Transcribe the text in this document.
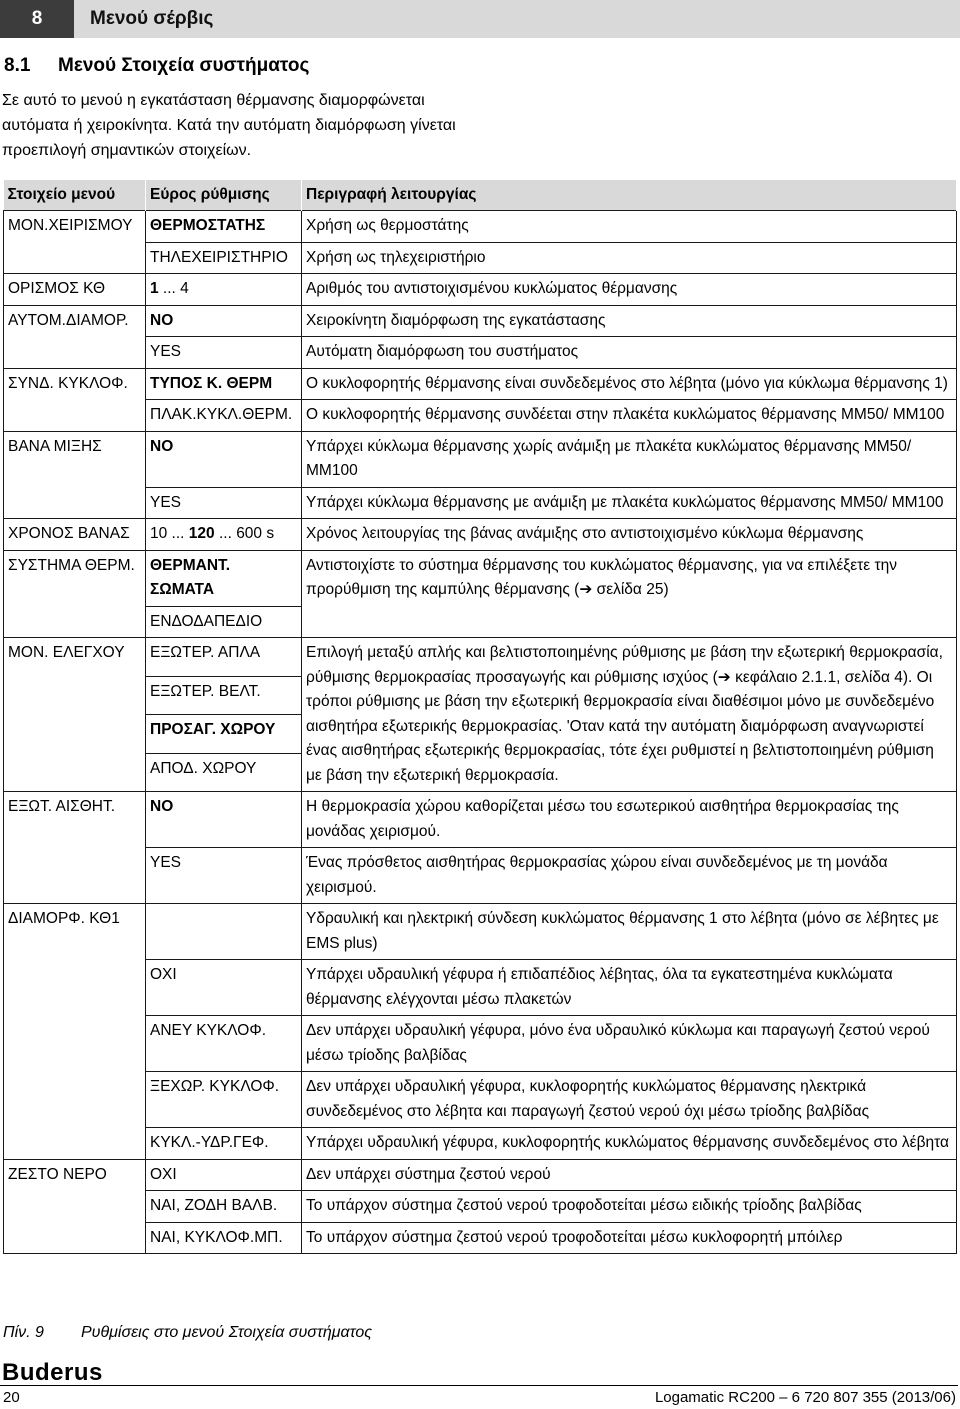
8	Μενού σέρβις
8.1 Μενού Στοιχεία συστήματος
Σε αυτό το μενού η εγκατάσταση θέρμανσης διαμορφώνεται
αυτόματα ή χειροκίνητα. Κατά την αυτόματη διαμόρφωση γίνεται
προεπιλογή σημαντικών στοιχείων.
Στοιχείο μενού	Εύρος ρύθμισης	Περιγραφή λειτουργίας
ΜΟΝ.ΧΕΙΡΙΣΜΟΥ	ΘΕΡΜΟΣΤΑΤΗΣ	Χρήση ως θερμοστάτης
	ΤΗΛΕΧΕΙΡΙΣΤΗΡΙΟ	Χρήση ως τηλεχειριστήριο
ΟΡΙΣΜΟΣ ΚΘ	1 ... 4	Αριθμός του αντιστοιχισμένου κυκλώματος θέρμανσης
ΑΥΤΟΜ.ΔΙΑΜΟΡ.	NO	Χειροκίνητη διαμόρφωση της εγκατάστασης
	YES	Αυτόματη διαμόρφωση του συστήματος
ΣΥΝΔ. ΚΥΚΛΟΦ.	ΤΥΠΟΣ Κ. ΘΕΡΜ	Ο κυκλοφορητής θέρμανσης είναι συνδεδεμένος στο λέβητα (μόνο για κύκλωμα θέρμανσης 1)
	ΠΛΑΚ.ΚΥΚΛ.ΘΕΡΜ.	Ο κυκλοφορητής θέρμανσης συνδέεται στην πλακέτα κυκλώματος θέρμανσης MM50/ MM100
ΒΑΝΑ ΜΙΞΗΣ	NO	Υπάρχει κύκλωμα θέρμανσης χωρίς ανάμιξη με πλακέτα κυκλώματος θέρμανσης MM50/ MM100
	YES	Υπάρχει κύκλωμα θέρμανσης με ανάμιξη με πλακέτα κυκλώματος θέρμανσης MM50/ MM100
ΧΡΟΝΟΣ ΒΑΝΑΣ	10 ... 120 ... 600 s	Χρόνος λειτουργίας της βάνας ανάμιξης στο αντιστοιχισμένο κύκλωμα θέρμανσης
ΣΥΣΤΗΜΑ ΘΕΡΜ.	ΘΕΡΜΑΝΤ. ΣΩΜΑΤΑ	Αντιστοιχίστε το σύστημα θέρμανσης του κυκλώματος θέρμανσης, για να επιλέξετε την προρύθμιση της καμπύλης θέρμανσης (➔ σελίδα 25)
	ΕΝΔΟΔΑΠΕΔΙΟ	
ΜΟΝ. ΕΛΕΓΧΟΥ	ΕΞΩΤΕΡ. ΑΠΛΑ	Επιλογή μεταξύ απλής και βελτιστοποιημένης ρύθμισης με βάση την εξωτερική θερμοκρασία, ρύθμισης θερμοκρασίας προσαγωγής και ρύθμισης ισχύος (➔ κεφάλαιο 2.1.1, σελίδα 4). Οι τρόποι ρύθμισης με βάση την εξωτερική θερμοκρασία είναι διαθέσιμοι μόνο με συνδεδεμένο αισθητήρα εξωτερικής θερμοκρασίας. 'Οταν κατά την αυτόματη διαμόρφωση αναγνωριστεί ένας αισθητήρας εξωτερικής θερμοκρασίας, τότε έχει ρυθμιστεί η βελτιστοποιημένη ρύθμιση με βάση την εξωτερική θερμοκρασία.
	ΕΞΩΤΕΡ. ΒΕΛΤ.	
	ΠΡΟΣΑΓ. ΧΩΡΟΥ	
	ΑΠΟΔ. ΧΩΡΟΥ	
ΕΞΩΤ. ΑΙΣΘΗΤ.	NO	Η θερμοκρασία χώρου καθορίζεται μέσω του εσωτερικού αισθητήρα θερμοκρασίας της μονάδας χειρισμού.
	YES	Ένας πρόσθετος αισθητήρας θερμοκρασίας χώρου είναι συνδεδεμένος με τη μονάδα χειρισμού.
ΔΙΑΜΟΡΦ. ΚΘ1		Υδραυλική και ηλεκτρική σύνδεση κυκλώματος θέρμανσης 1 στο λέβητα (μόνο σε λέβητες με EMS plus)
	ΟΧΙ	Υπάρχει υδραυλική γέφυρα ή επιδαπέδιος λέβητας, όλα τα εγκατεστημένα κυκλώματα θέρμανσης ελέγχονται μέσω πλακετών
	ΑΝΕΥ ΚΥΚΛΟΦ.	Δεν υπάρχει υδραυλική γέφυρα, μόνο ένα υδραυλικό κύκλωμα και παραγωγή ζεστού νερού μέσω τρίοδης βαλβίδας
	ΞΕΧΩΡ. ΚΥΚΛΟΦ.	Δεν υπάρχει υδραυλική γέφυρα, κυκλοφορητής κυκλώματος θέρμανσης ηλεκτρικά συνδεδεμένος στο λέβητα και παραγωγή ζεστού νερού όχι μέσω τρίοδης βαλβίδας
	ΚΥΚΛ.-ΥΔΡ.ΓΕΦ.	Υπάρχει υδραυλική γέφυρα, κυκλοφορητής κυκλώματος θέρμανσης συνδεδεμένος στο λέβητα
ΖΕΣΤΟ ΝΕΡΟ	ΟΧΙ	Δεν υπάρχει σύστημα ζεστού νερού
	ΝΑΙ, ΖΟΔΗ ΒΑΛΒ.	Το υπάρχον σύστημα ζεστού νερού τροφοδοτείται μέσω ειδικής τρίοδης βαλβίδας
	ΝΑΙ, ΚΥΚΛΟΦ.ΜΠ.	Το υπάρχον σύστημα ζεστού νερού τροφοδοτείται μέσω κυκλοφορητή μπόιλερ
Πίν. 9 Ρυθμίσεις στο μενού Στοιχεία συστήματος
Buderus
20	Logamatic RC200 – 6 720 807 355 (2013/06)
